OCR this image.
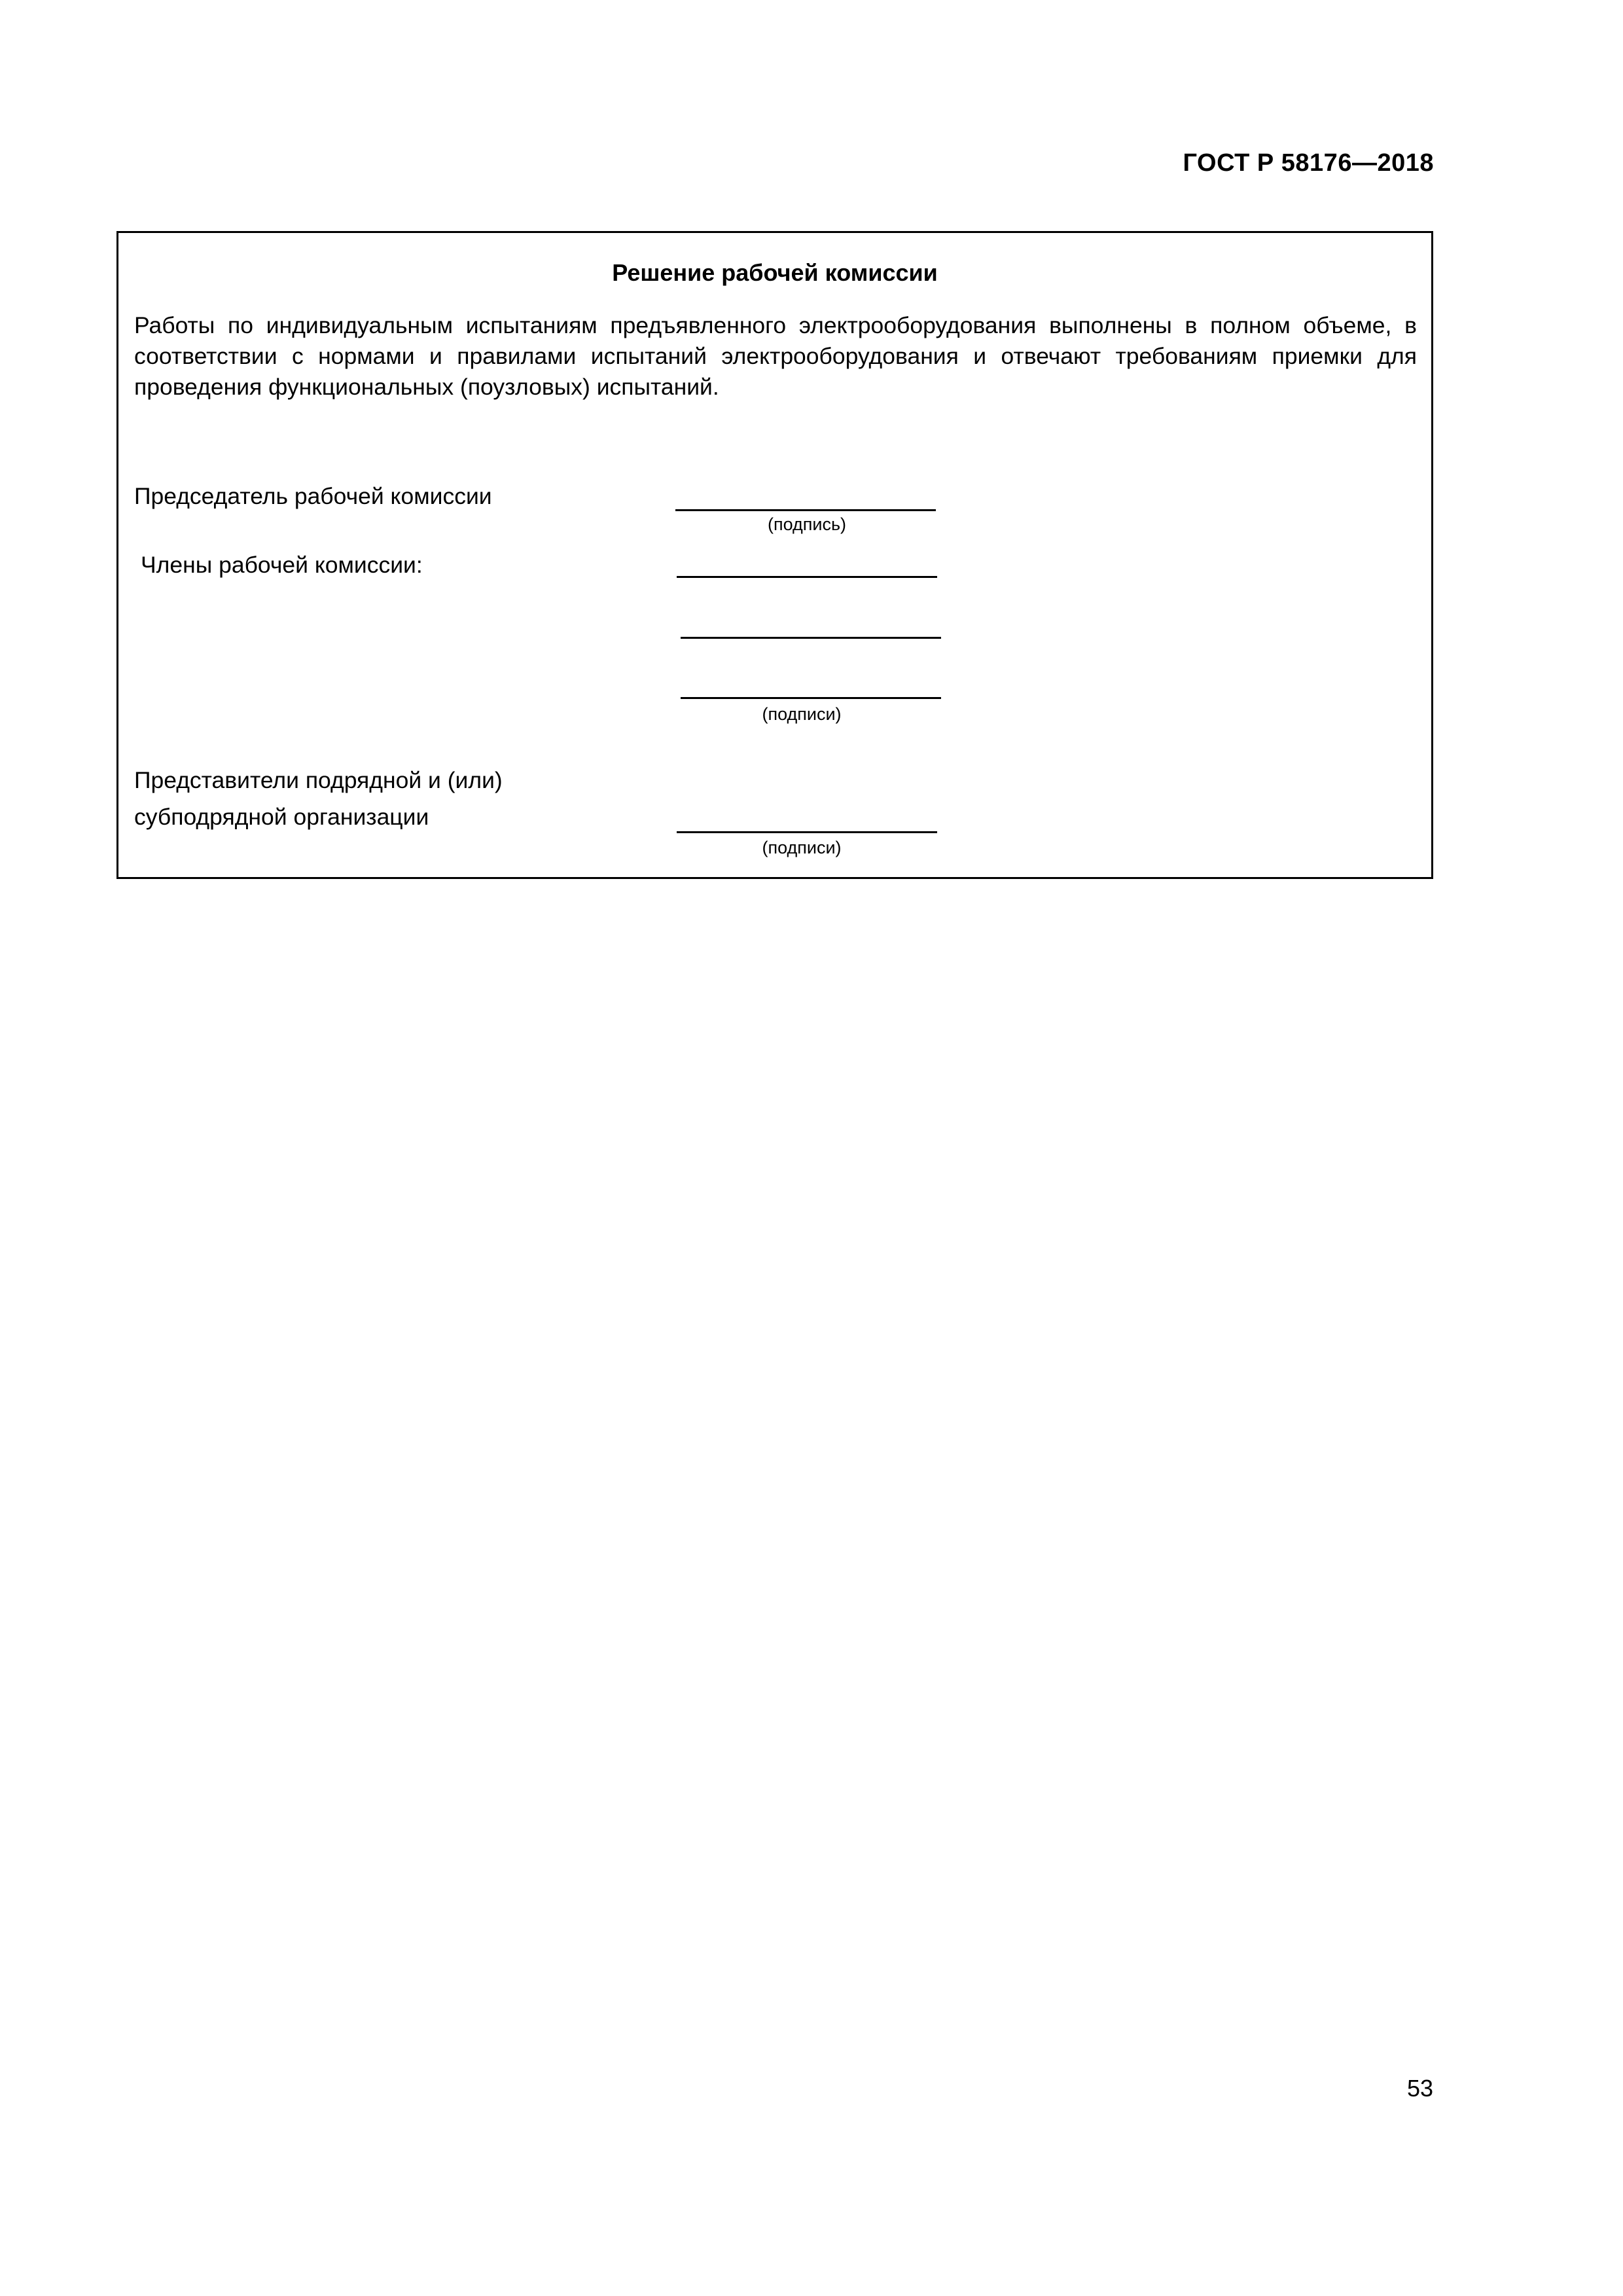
ГОСТ Р 58176—2018
Решение рабочей комиссии
Работы по индивидуальным испытаниям предъявленного электрооборудования выполнены в полном объеме, в соответствии с нормами и правилами испытаний электрооборудования и отвечают требованиям приемки для проведения функциональных (поузловых) испытаний.
Председатель рабочей комиссии
(подпись)
Члены рабочей комиссии:
(подписи)
Представители подрядной и (или)
субподрядной организации
(подписи)
53
